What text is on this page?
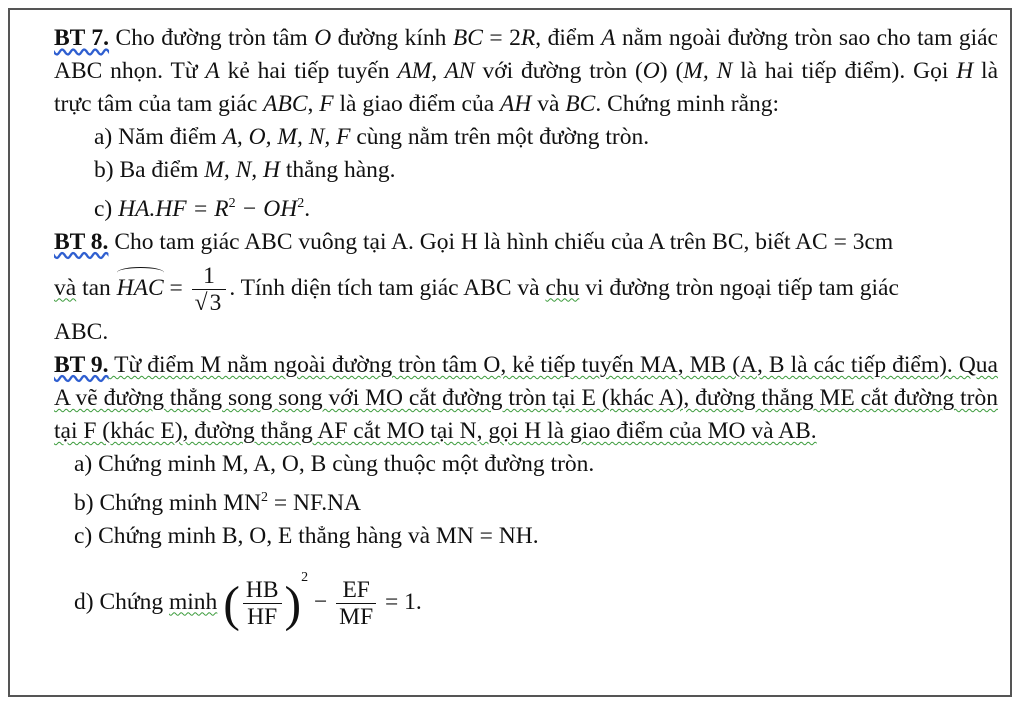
BT 7. Cho đường tròn tâm O đường kính BC = 2R, điểm A nằm ngoài đường tròn sao cho tam giác ABC nhọn. Từ A kẻ hai tiếp tuyến AM, AN với đường tròn (O) (M, N là hai tiếp điểm). Gọi H là trực tâm của tam giác ABC, F là giao điểm của AH và BC. Chứng minh rằng:

a) Năm điểm A, O, M, N, F cùng nằm trên một đường tròn.

b) Ba điểm M, N, H thẳng hàng.

c) $HA.HF = R^2 - OH^2$.

BT 8. Cho tam giác ABC vuông tại A. Gọi H là hình chiếu của A trên BC, biết AC = 3cm

và tan
HAC = $\frac{1}{√3}$ . Tính diện tích tam giác ABC và chu vi đường tròn ngoại tiếp tam giác

ABC.

BT 9. Từ điểm M nằm ngoài đường tròn tâm O, kẻ tiếp tuyến MA, MB (A, B là các tiếp điểm). Qua A vẽ đường thẳng song song với MO cắt đường tròn tại E (khác A), đường thẳng ME cắt đường tròn tại F (khác E), đường thẳng AF cắt MO tại N, gọi H là giao điểm của MO và AB.

a) Chứng minh M, A, O, B cùng thuộc một đường tròn.

b) Chứng minh $MN^2 = NF.NA$

c) Chứng minh B, O, E thẳng hàng và MN = NH.

d) Chứng minh ( $\frac{HB}{HF} )^2 - \frac{EF}{MF} = 1$.
